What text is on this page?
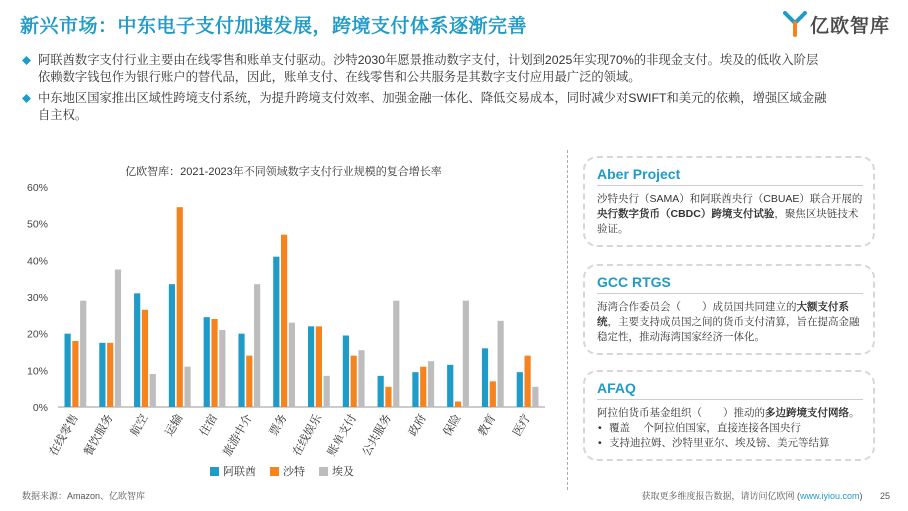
新兴市场：中东电子支付加速发展，跨境支付体系逐渐完善	亿欧智库
阿联酋数字支付行业主要由在线零售和账单支付驱动。沙特2030年愿景推动数字支付，计划到2025年实现70%的非现金支付。埃及的低收入阶层
依赖数字钱包作为银行账户的替代品，因此，账单支付、在线零售和公共服务是其数字支付应用最广泛的领域。
中东地区国家推出区域性跨境支付系统，为提升跨境支付效率、加强金融一体化、降低交易成本，同时减少对SWIFT和美元的依赖，增强区域金融
自主权。
亿欧智库：2021-2023年不同领域数字支付行业规模的复合增长率
0%
10%
20%
30%
40%
50%
60%
在线零售 餐饮服务 航空 运输 住宿 旅游中介 票务 在线娱乐 账单支付 公共服务 政府 保险 教育 医疗
阿联酋 沙特 埃及
Aber Project
沙特央行（SAMA）和阿联酋央行（CBUAE）联合开展的央行数字货币（CBDC）跨境支付试验，聚焦区块链技术验证。
GCC RTGS
海湾合作委员会（　　）成员国共同建立的大额支付系统，主要支持成员国之间的货币支付清算，旨在提高金融稳定性，推动海湾国家经济一体化。
AFAQ
阿拉伯货币基金组织（　　）推动的多边跨境支付网络。
• 覆盖　 个阿拉伯国家，直接连接各国央行
• 支持迪拉姆、沙特里亚尔、埃及镑、美元等结算
数据来源：Amazon、亿欧智库	获取更多维度报告数据，请访问亿欧网 (www.iyiou.com) 25
